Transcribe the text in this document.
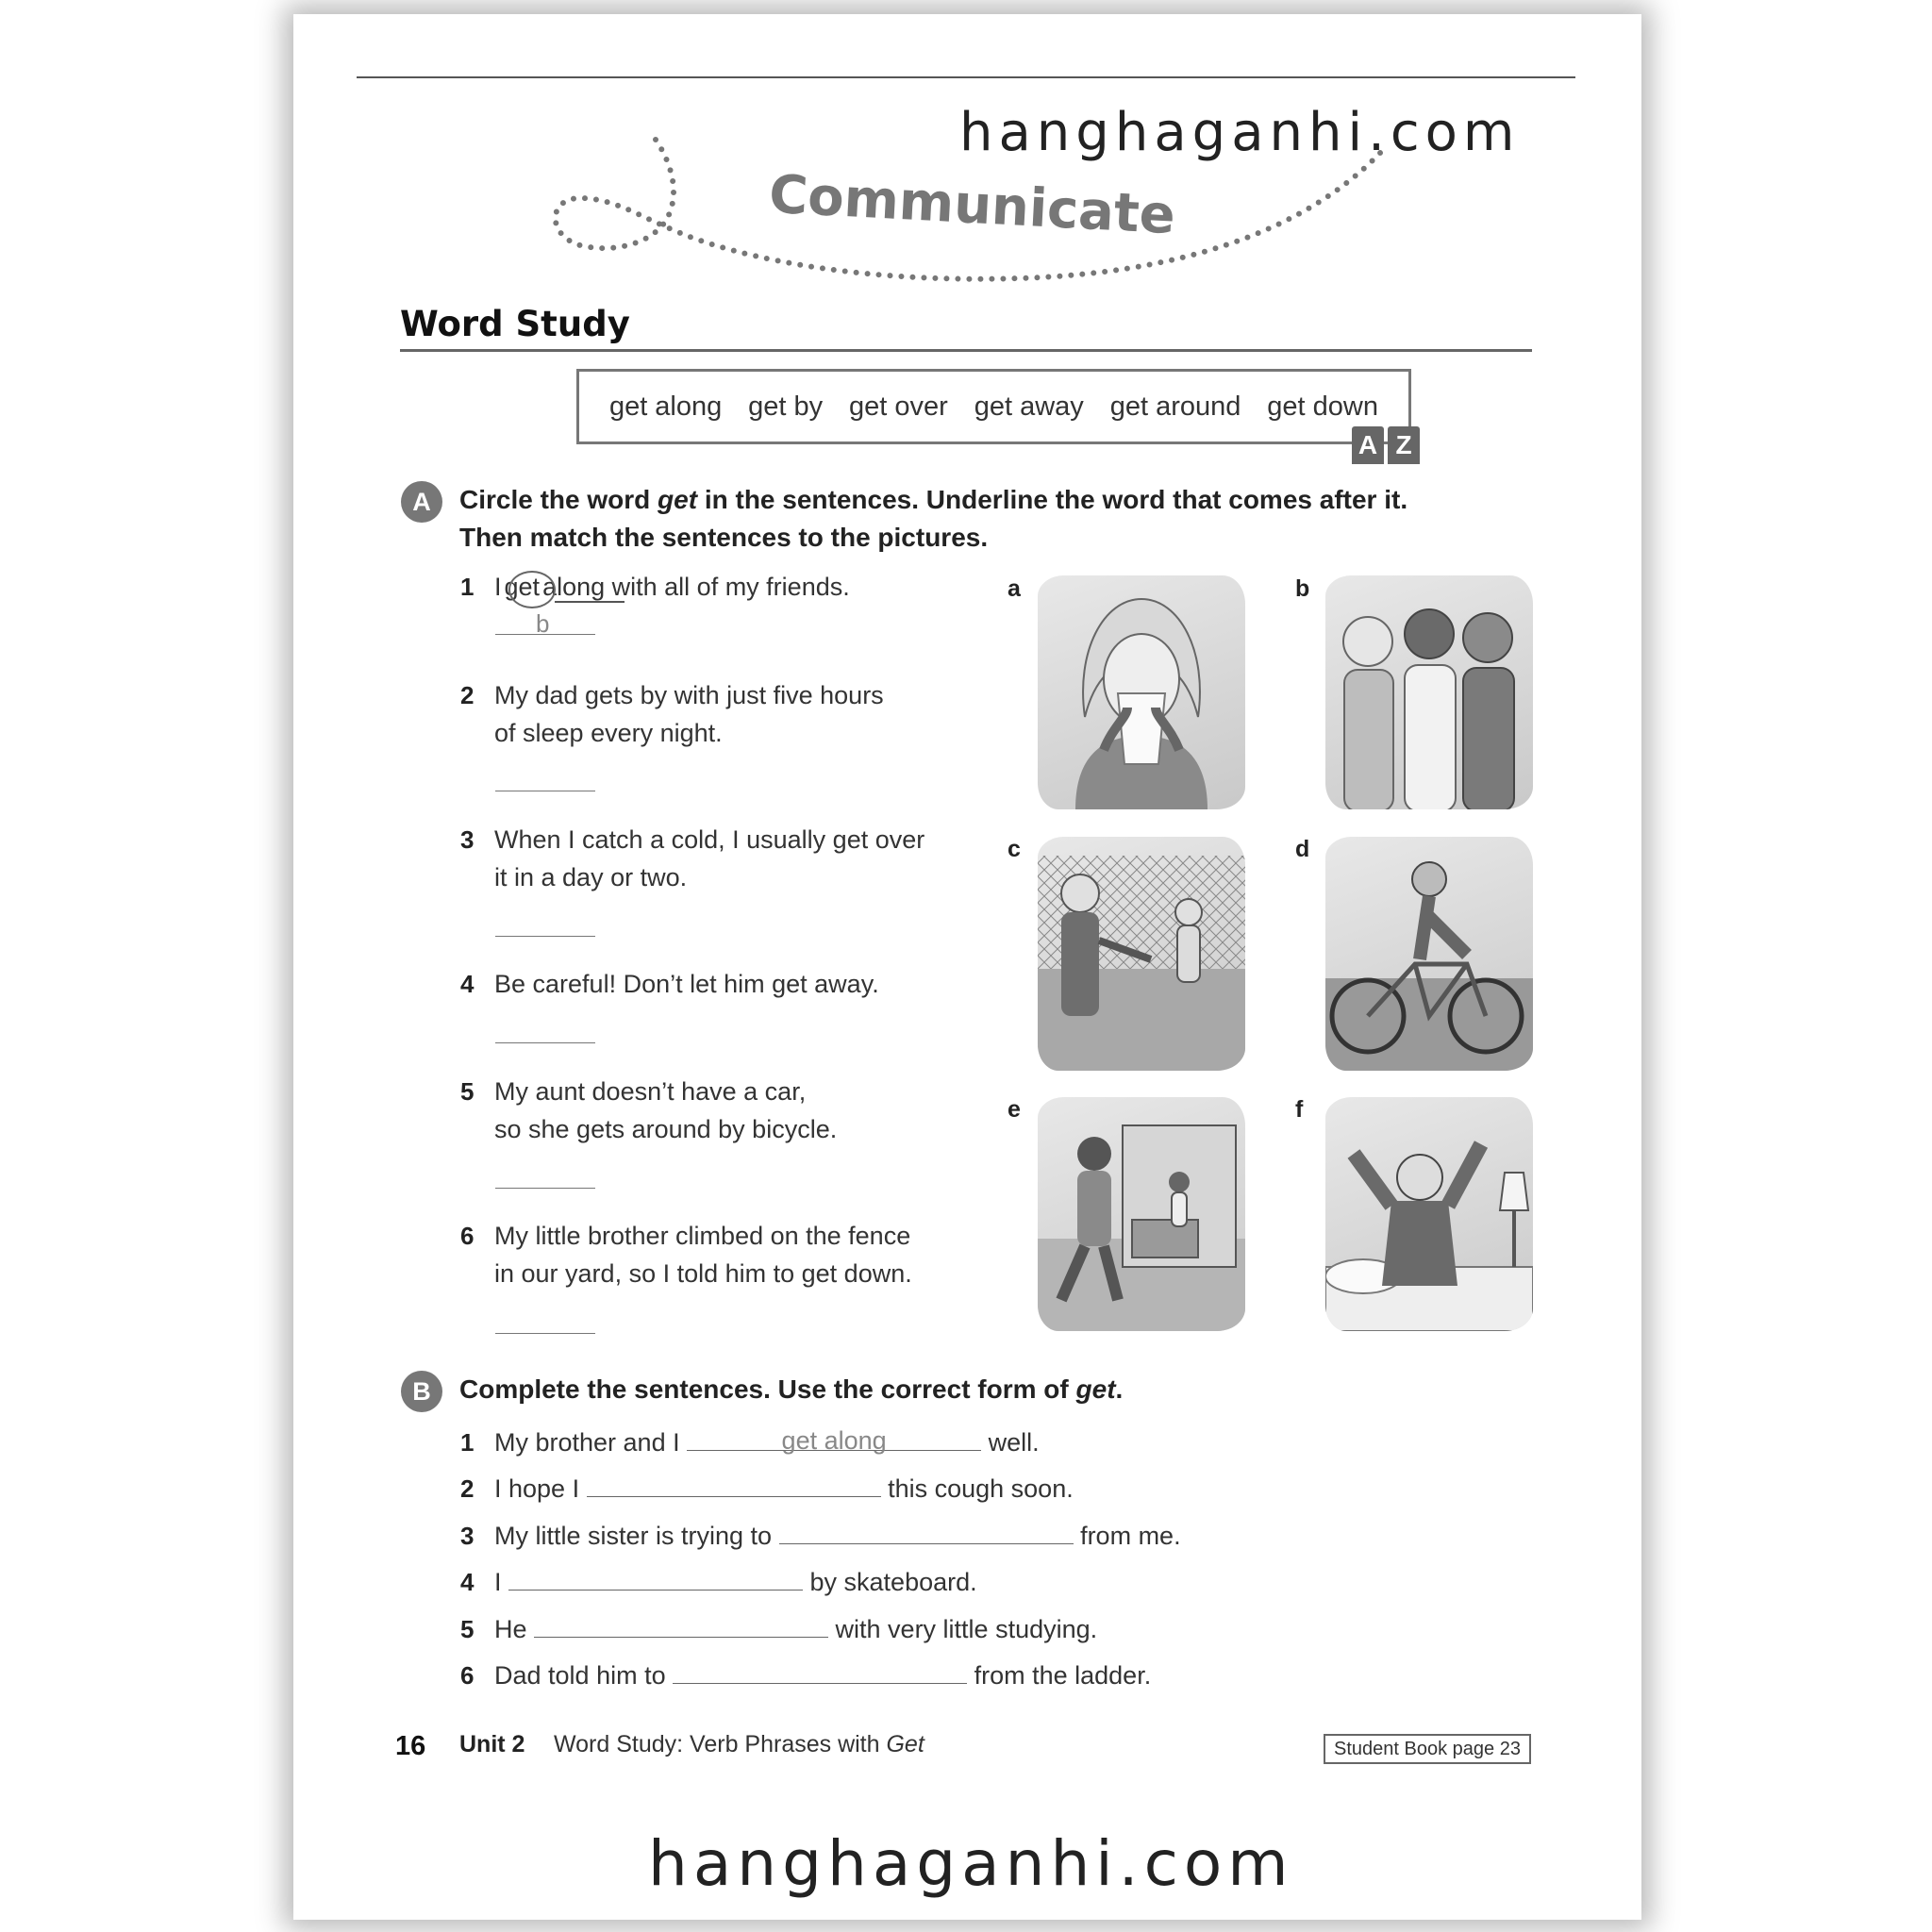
hanghaganhi.com
Communicate
Word Study
get along get by get over get away get around get down
A Z
A	Circle the word get in the sentences. Underline the word that comes after it.
Then match the sentences to the pictures.
1 I get along with all of my friends.
b
2 My dad gets by with just five hours
of sleep every night.
3 When I catch a cold, I usually get over
it in a day or two.
4 Be careful! Don’t let him get away.
5 My aunt doesn’t have a car,
so she gets around by bicycle.
6 My little brother climbed on the fence
in our yard, so I told him to get down.
a	b
c	d
e	f
B	Complete the sentences. Use the correct form of get.
1 My brother and I	get along	well.
2 I hope I	this cough soon.
3 My little sister is trying to	from me.
4 I	by skateboard.
5 He	with very little studying.
6 Dad told him to	from the ladder.
16 Unit 2 Word Study: Verb Phrases with Get	Student Book page 23
hanghaganhi.com
